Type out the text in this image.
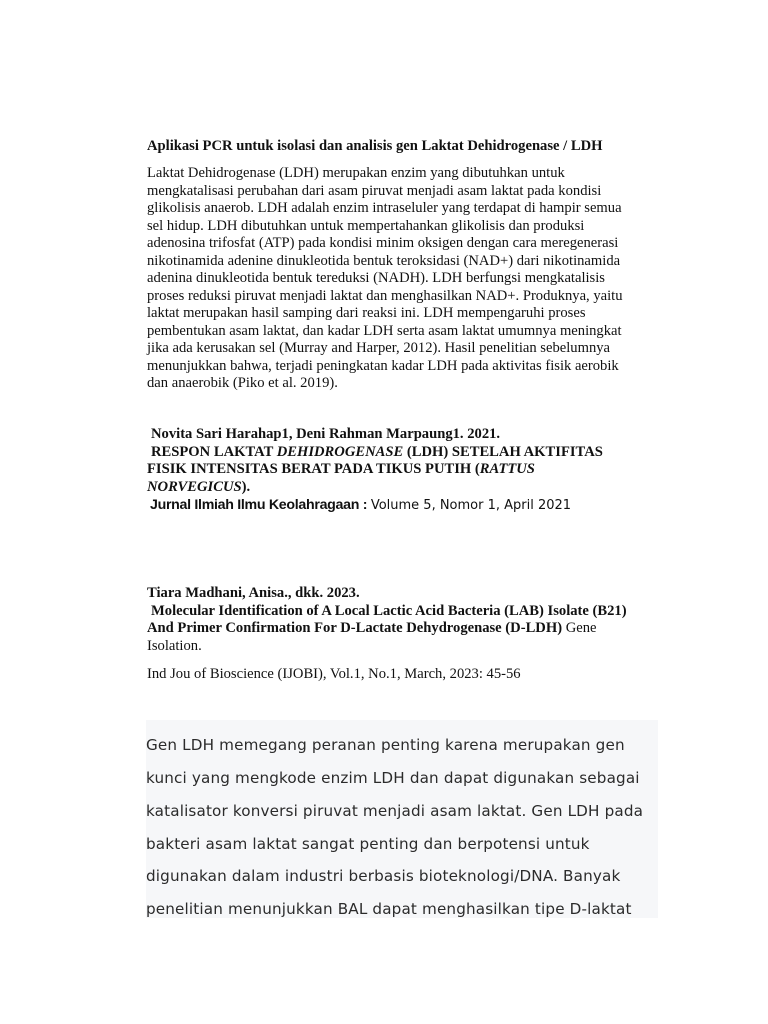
Aplikasi PCR untuk isolasi dan analisis gen Laktat Dehidrogenase / LDH
Laktat Dehidrogenase (LDH) merupakan enzim yang dibutuhkan untuk
mengkatalisasi perubahan dari asam piruvat menjadi asam laktat pada kondisi
glikolisis anaerob. LDH adalah enzim intraseluler yang terdapat di hampir semua
sel hidup. LDH dibutuhkan untuk mempertahankan glikolisis dan produksi
adenosina trifosfat (ATP) pada kondisi minim oksigen dengan cara meregenerasi
nikotinamida adenine dinukleotida bentuk teroksidasi (NAD+) dari nikotinamida
adenina dinukleotida bentuk tereduksi (NADH). LDH berfungsi mengkatalisis
proses reduksi piruvat menjadi laktat dan menghasilkan NAD+. Produknya, yaitu
laktat merupakan hasil samping dari reaksi ini. LDH mempengaruhi proses
pembentukan asam laktat, dan kadar LDH serta asam laktat umumnya meningkat
jika ada kerusakan sel (Murray and Harper, 2012). Hasil penelitian sebelumnya
menunjukkan bahwa, terjadi peningkatan kadar LDH pada aktivitas fisik aerobik
dan anaerobik (Piko et al. 2019).
Novita Sari Harahap1, Deni Rahman Marpaung1. 2021.
RESPON LAKTAT DEHIDROGENASE (LDH) SETELAH AKTIFITAS
FISIK INTENSITAS BERAT PADA TIKUS PUTIH (RATTUS
NORVEGICUS).
Jurnal Ilmiah Ilmu Keolahragaan : Volume 5, Nomor 1, April 2021
Tiara Madhani, Anisa., dkk. 2023.
Molecular Identification of A Local Lactic Acid Bacteria (LAB) Isolate (B21)
And Primer Confirmation For D-Lactate Dehydrogenase (D-LDH) Gene
Isolation.
Ind Jou of Bioscience (IJOBI), Vol.1, No.1, March, 2023: 45-56
Gen LDH memegang peranan penting karena merupakan gen
kunci yang mengkode enzim LDH dan dapat digunakan sebagai
katalisator konversi piruvat menjadi asam laktat. Gen LDH pada
bakteri asam laktat sangat penting dan berpotensi untuk
digunakan dalam industri berbasis bioteknologi/DNA. Banyak
penelitian menunjukkan BAL dapat menghasilkan tipe D-laktat
